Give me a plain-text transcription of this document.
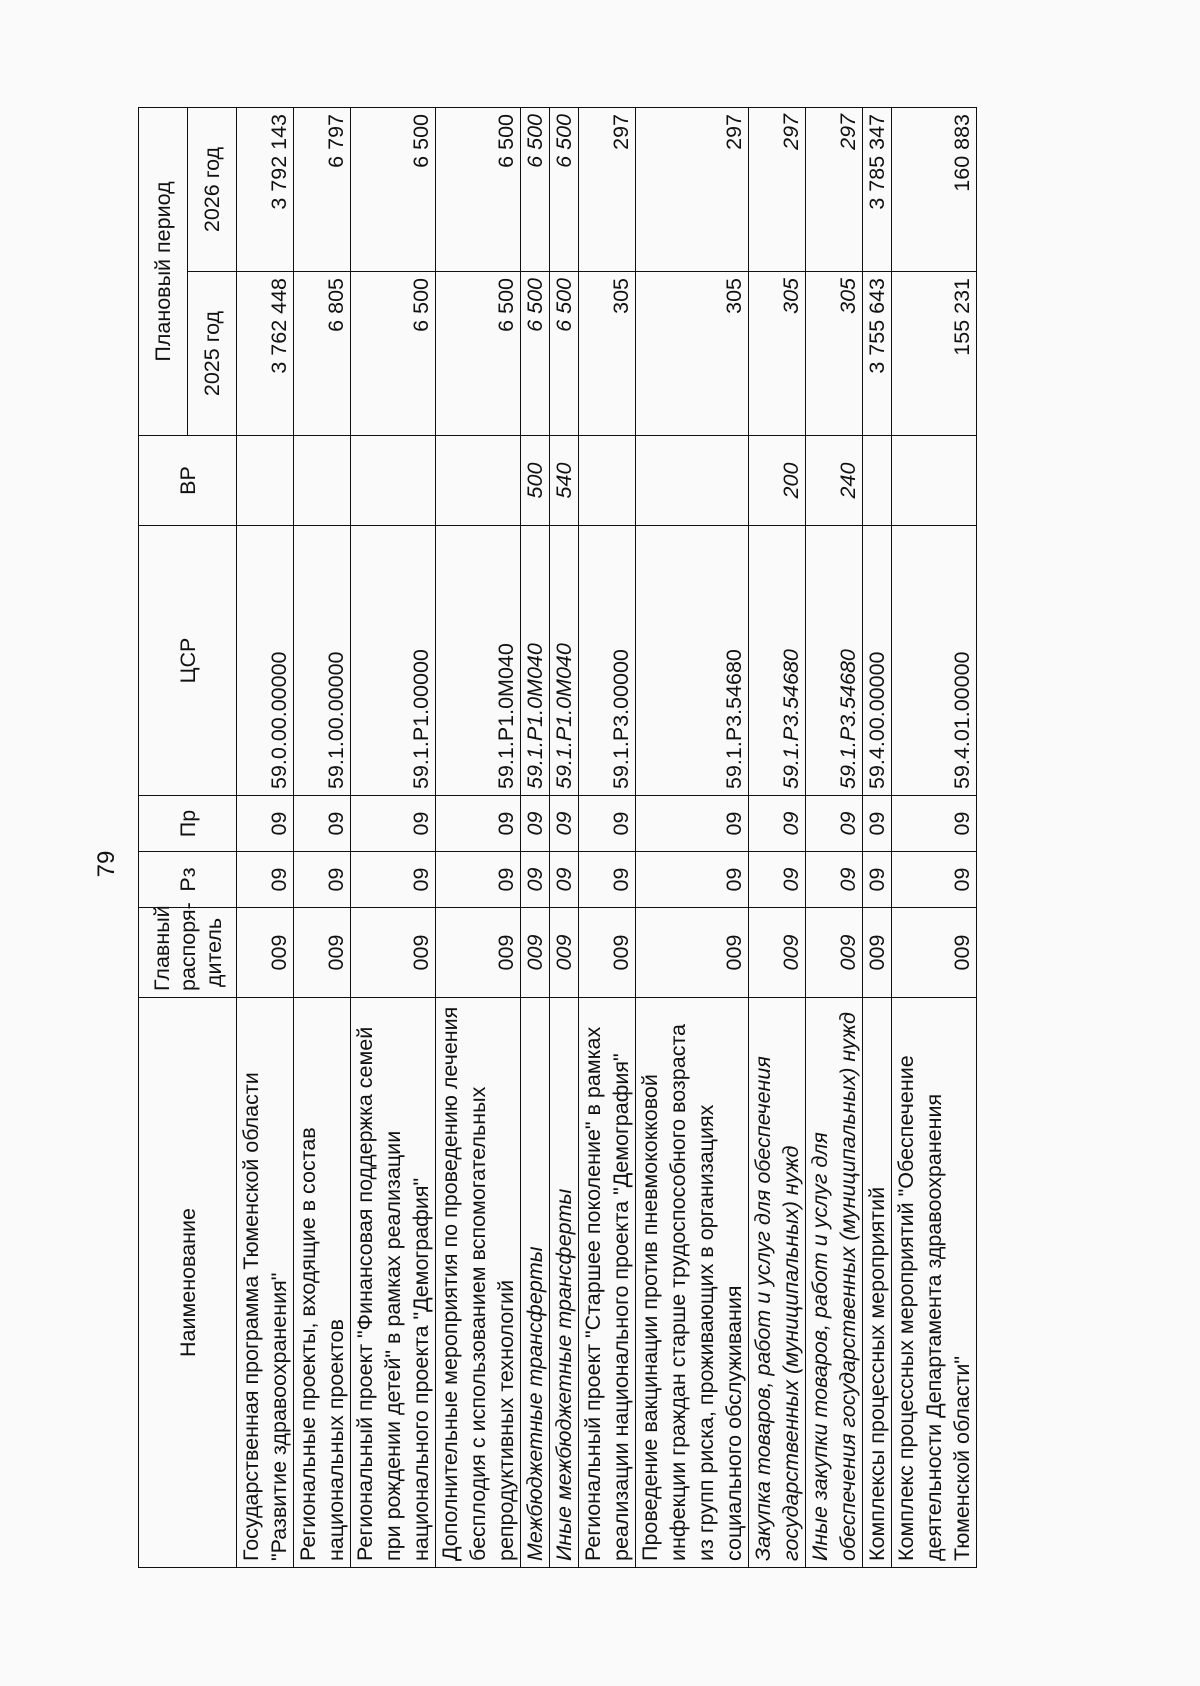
79
Наименование	Главный распоря-дитель	Рз	Пр	ЦСР	ВР	Плановый период	
						2025 год	2026 год
Государственная программа Тюменской области "Развитие здравоохранения"	009	09	09	59.0.00.00000		3 762 448	3 792 143
Региональные проекты, входящие в состав национальных проектов	009	09	09	59.1.00.00000		6 805	6 797
Региональный проект "Финансовая поддержка семей при рождении детей" в рамках реализации национального проекта "Демография"	009	09	09	59.1.Р1.00000		6 500	6 500
Дополнительные мероприятия по проведению лечения бесплодия с использованием вспомогательных репродуктивных технологий	009	09	09	59.1.Р1.0М040		6 500	6 500
Межбюджетные трансферты	009	09	09	59.1.Р1.0М040	500	6 500	6 500
Иные межбюджетные трансферты	009	09	09	59.1.Р1.0М040	540	6 500	6 500
Региональный проект "Старшее поколение" в рамках реализации национального проекта "Демография"	009	09	09	59.1.Р3.00000		305	297
Проведение вакцинации против пневмококковой инфекции граждан старше трудоспособного возраста из групп риска, проживающих в организациях социального обслуживания	009	09	09	59.1.Р3.54680		305	297
Закупка товаров, работ и услуг для обеспечения государственных (муниципальных) нужд	009	09	09	59.1.Р3.54680	200	305	297
Иные закупки товаров, работ и услуг для обеспечения государственных (муниципальных) нужд	009	09	09	59.1.Р3.54680	240	305	297
Комплексы процессных мероприятий	009	09	09	59.4.00.00000		3 755 643	3 785 347
Комплекс процессных мероприятий "Обеспечение деятельности Департамента здравоохранения Тюменской области"	009	09	09	59.4.01.00000		155 231	160 883
